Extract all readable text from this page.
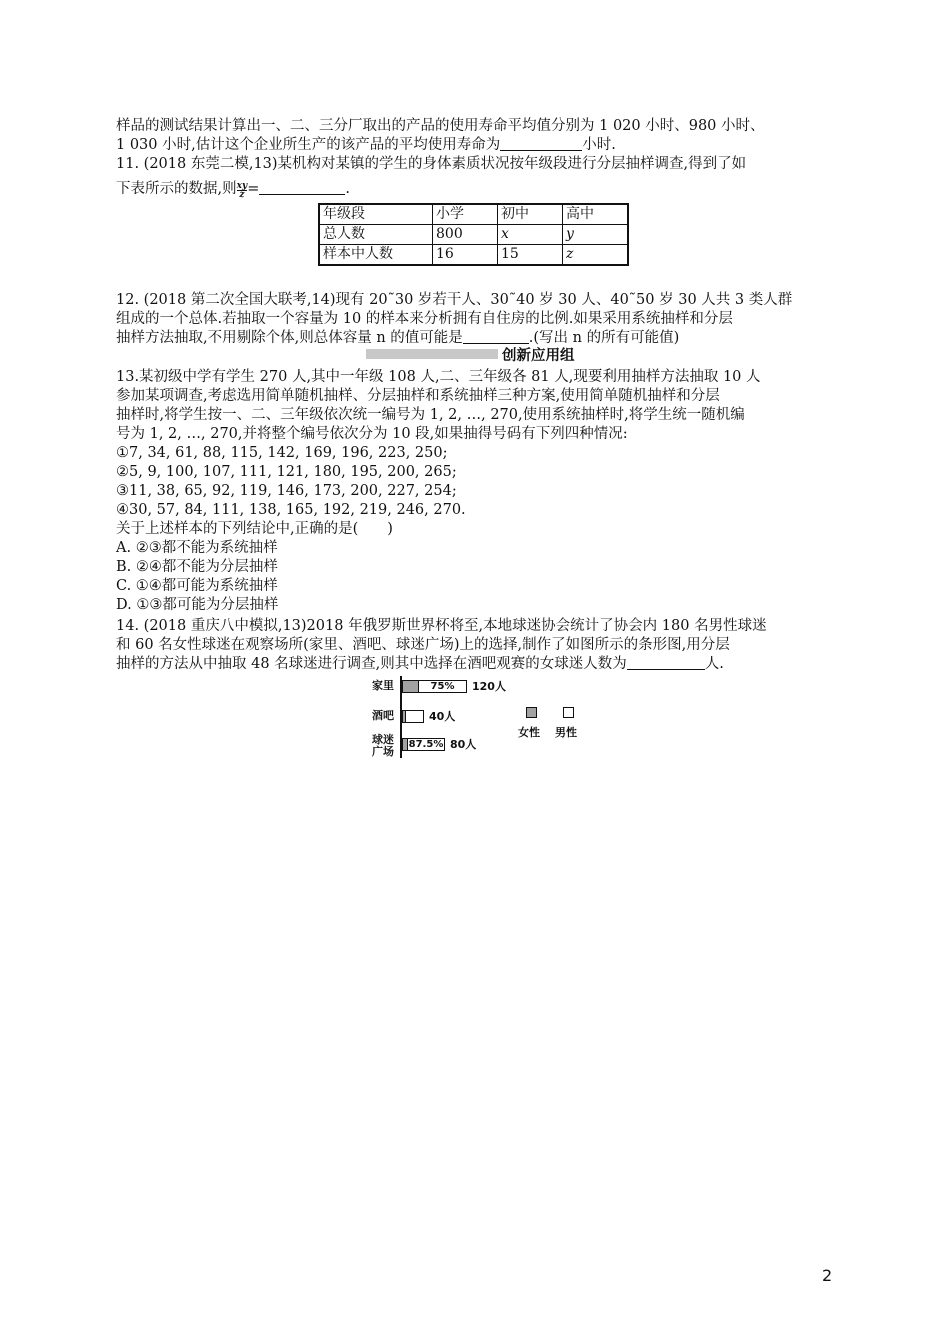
样品的测试结果计算出一、二、三分厂取出的产品的使用寿命平均值分别为 1 020 小时、980 小时、
1 030 小时,估计这个企业所生产的该产品的平均使用寿命为	小时.
11. (2018 东莞二模,13)某机构对某镇的学生的身体素质状况按年级段进行分层抽样调查,得到了如
下表所示的数据,则 $\frac{xy}{z}$ =	.
年级段	小学	初中	高中
总人数	800	x	y
样本中人数	16	15	z
12. (2018 第二次全国大联考,14)现有 20˜30 岁若干人、30˜40 岁 30 人、40˜50 岁 30 人共 3 类人群
组成的一个总体.若抽取一个容量为 10 的样本来分析拥有自住房的比例.如果采用系统抽样和分层
抽样方法抽取,不用剔除个体,则总体容量 n 的值可能是	.(写出 n 的所有可能值)
创新应用组
13.某初级中学有学生 270 人,其中一年级 108 人,二、三年级各 81 人,现要利用抽样方法抽取 10 人
参加某项调查,考虑选用简单随机抽样、分层抽样和系统抽样三种方案,使用简单随机抽样和分层
抽样时,将学生按一、二、三年级依次统一编号为 1, 2, …, 270,使用系统抽样时,将学生统一随机编
号为 1, 2, …, 270,并将整个编号依次分为 10 段,如果抽得号码有下列四种情况:
①7, 34, 61, 88, 115, 142, 169, 196, 223, 250;
②5, 9, 100, 107, 111, 121, 180, 195, 200, 265;
③11, 38, 65, 92, 119, 146, 173, 200, 227, 254;
④30, 57, 84, 111, 138, 165, 192, 219, 246, 270.
关于上述样本的下列结论中,正确的是(　　)
A. ②③都不能为系统抽样
B. ②④都不能为分层抽样
C. ①④都可能为系统抽样
D. ①③都可能为分层抽样
14. (2018 重庆八中模拟,13)2018 年俄罗斯世界杯将至,本地球迷协会统计了协会内 180 名男性球迷
和 60 名女性球迷在观察场所(家里、酒吧、球迷广场)上的选择,制作了如图所示的条形图,用分层
抽样的方法从中抽取 48 名球迷进行调查,则其中选择在酒吧观赛的女球迷人数为	人.
家里	75%	120人
酒吧	40人
球迷
广场
87.5% 80人
女性 男性
2
